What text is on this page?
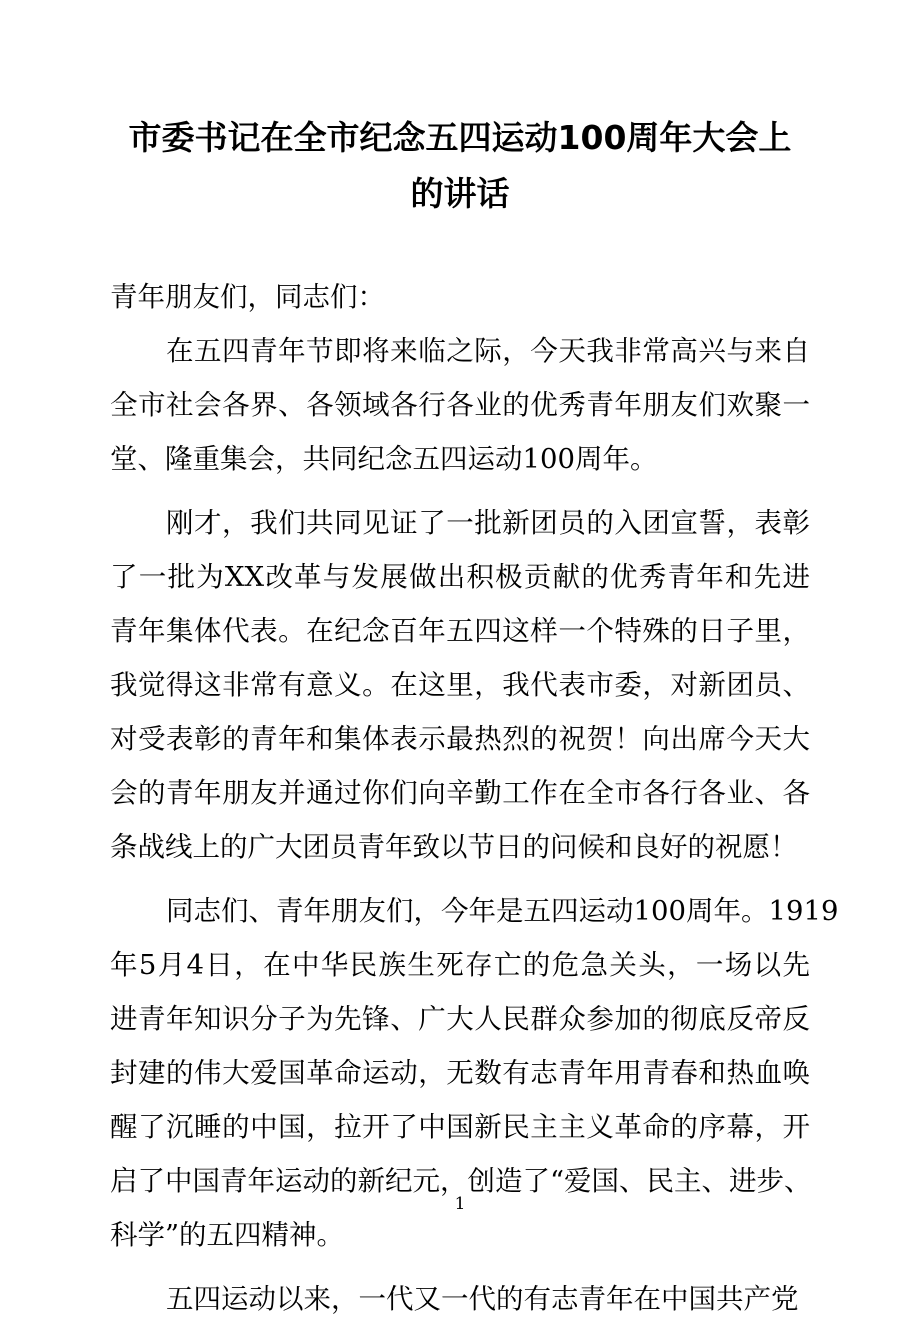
市委书记在全市纪念五四运动100周年大会上
的讲话

青年朋友们，同志们：

在五四青年节即将来临之际，今天我非常高兴与来自
全市社会各界、各领域各行各业的优秀青年朋友们欢聚一
堂、隆重集会，共同纪念五四运动100周年。

刚才，我们共同见证了一批新团员的入团宣誓，表彰
了一批为XX改革与发展做出积极贡献的优秀青年和先进
青年集体代表。在纪念百年五四这样一个特殊的日子里，
我觉得这非常有意义。在这里，我代表市委，对新团员、
对受表彰的青年和集体表示最热烈的祝贺！向出席今天大
会的青年朋友并通过你们向辛勤工作在全市各行各业、各
条战线上的广大团员青年致以节日的问候和良好的祝愿！

同志们、青年朋友们，今年是五四运动100周年。1919
年5月4日，在中华民族生死存亡的危急关头，一场以先
进青年知识分子为先锋、广大人民群众参加的彻底反帝反
封建的伟大爱国革命运动，无数有志青年用青春和热血唤
醒了沉睡的中国，拉开了中国新民主主义革命的序幕，开
启了中国青年运动的新纪元，创造了“爱国、民主、进步、
科学”的五四精神。

五四运动以来，一代又一代的有志青年在中国共产党

1
